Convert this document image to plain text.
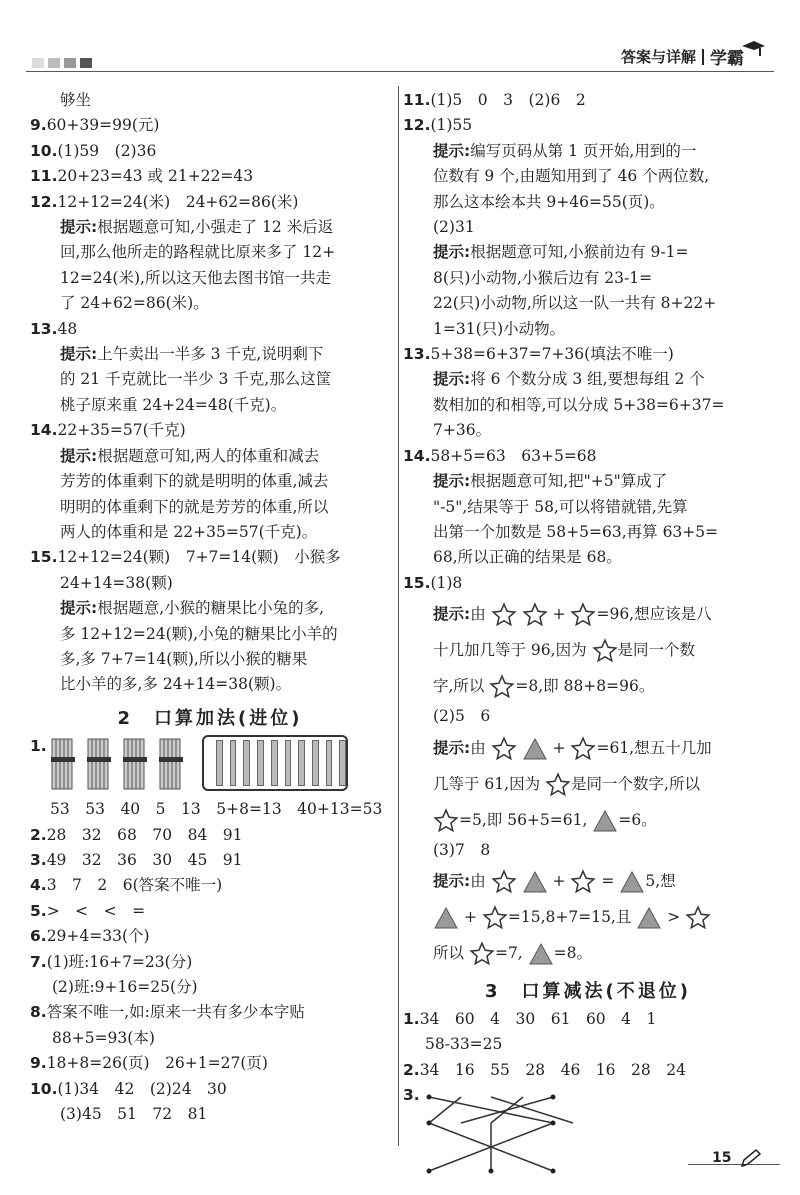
答案与详解 学霸
够坐
9.60+39=99(元)
10.(1)59　(2)36
11.20+23=43 或 21+22=43
12.12+12=24(米)　24+62=86(米)
提示:根据题意可知,小强走了 12 米后返
回,那么他所走的路程就比原来多了 12+
12=24(米),所以这天他去图书馆一共走
了 24+62=86(米)。
13.48
提示:上午卖出一半多 3 千克,说明剩下
的 21 千克就比一半少 3 千克,那么这筐
桃子原来重 24+24=48(千克)。
14.22+35=57(千克)
提示:根据题意可知,两人的体重和减去
芳芳的体重剩下的就是明明的体重,减去
明明的体重剩下的就是芳芳的体重,所以
两人的体重和是 22+35=57(千克)。
15.12+12=24(颗)　7+7=14(颗)　小猴多
24+14=38(颗)
提示:根据题意,小猴的糖果比小兔的多,
多 12+12=24(颗),小兔的糖果比小羊的
多,多 7+7=14(颗),所以小猴的糖果
比小羊的多,多 24+14=38(颗)。
2　口算加法(进位)
1.
53　53　40　5　13　5+8=13　40+13=53
2.28　32　68　70　84　91
3.49　32　36　30　45　91
4.3　7　2　6(答案不唯一)
5.>　<　<　=
6.29+4=33(个)
7.(1)班:16+7=23(分)
(2)班:9+16=25(分)
8.答案不唯一,如:原来一共有多少本字贴
88+5=93(本)
9.18+8=26(页)　26+1=27(页)
10.(1)34　42　(2)24　30
(3)45　51　72　81
11.(1)5　0　3　(2)6　2
12.(1)55
提示:编写页码从第 1 页开始,用到的一
位数有 9 个,由题知用到了 46 个两位数,
那么这本绘本共 9+46=55(页)。
(2)31
提示:根据题意可知,小猴前边有 9-1=
8(只)小动物,小猴后边有 23-1=
22(只)小动物,所以这一队一共有 8+22+
1=31(只)小动物。
13.5+38=6+37=7+36(填法不唯一)
提示:将 6 个数分成 3 组,要想每组 2 个
数相加的和相等,可以分成 5+38=6+37=
7+36。
14.58+5=63　63+5=68
提示:根据题意可知,把"+5"算成了
"-5",结果等于 58,可以将错就错,先算
出第一个加数是 58+5=63,再算 63+5=
68,所以正确的结果是 68。
15.(1)8
提示:由	+ =96,想应该是八
十几加几等于 96,因为 是同一个数
字,所以 =8,即 88+8=96。
(2)5　6
提示:由	+ =61,想五十几加
几等于 61,因为 是同一个数字,所以
=5,即 56+5=61, =6。
(3)7　8
提示:由	+ = 5,想
+ =15,8+7=15,且 >
所以 =7, =8。
3　口算减法(不退位)
1.34　60　4　30　61　60　4　1
58-33=25
2.34　16　55　28　46　16　28　24
3.
15
